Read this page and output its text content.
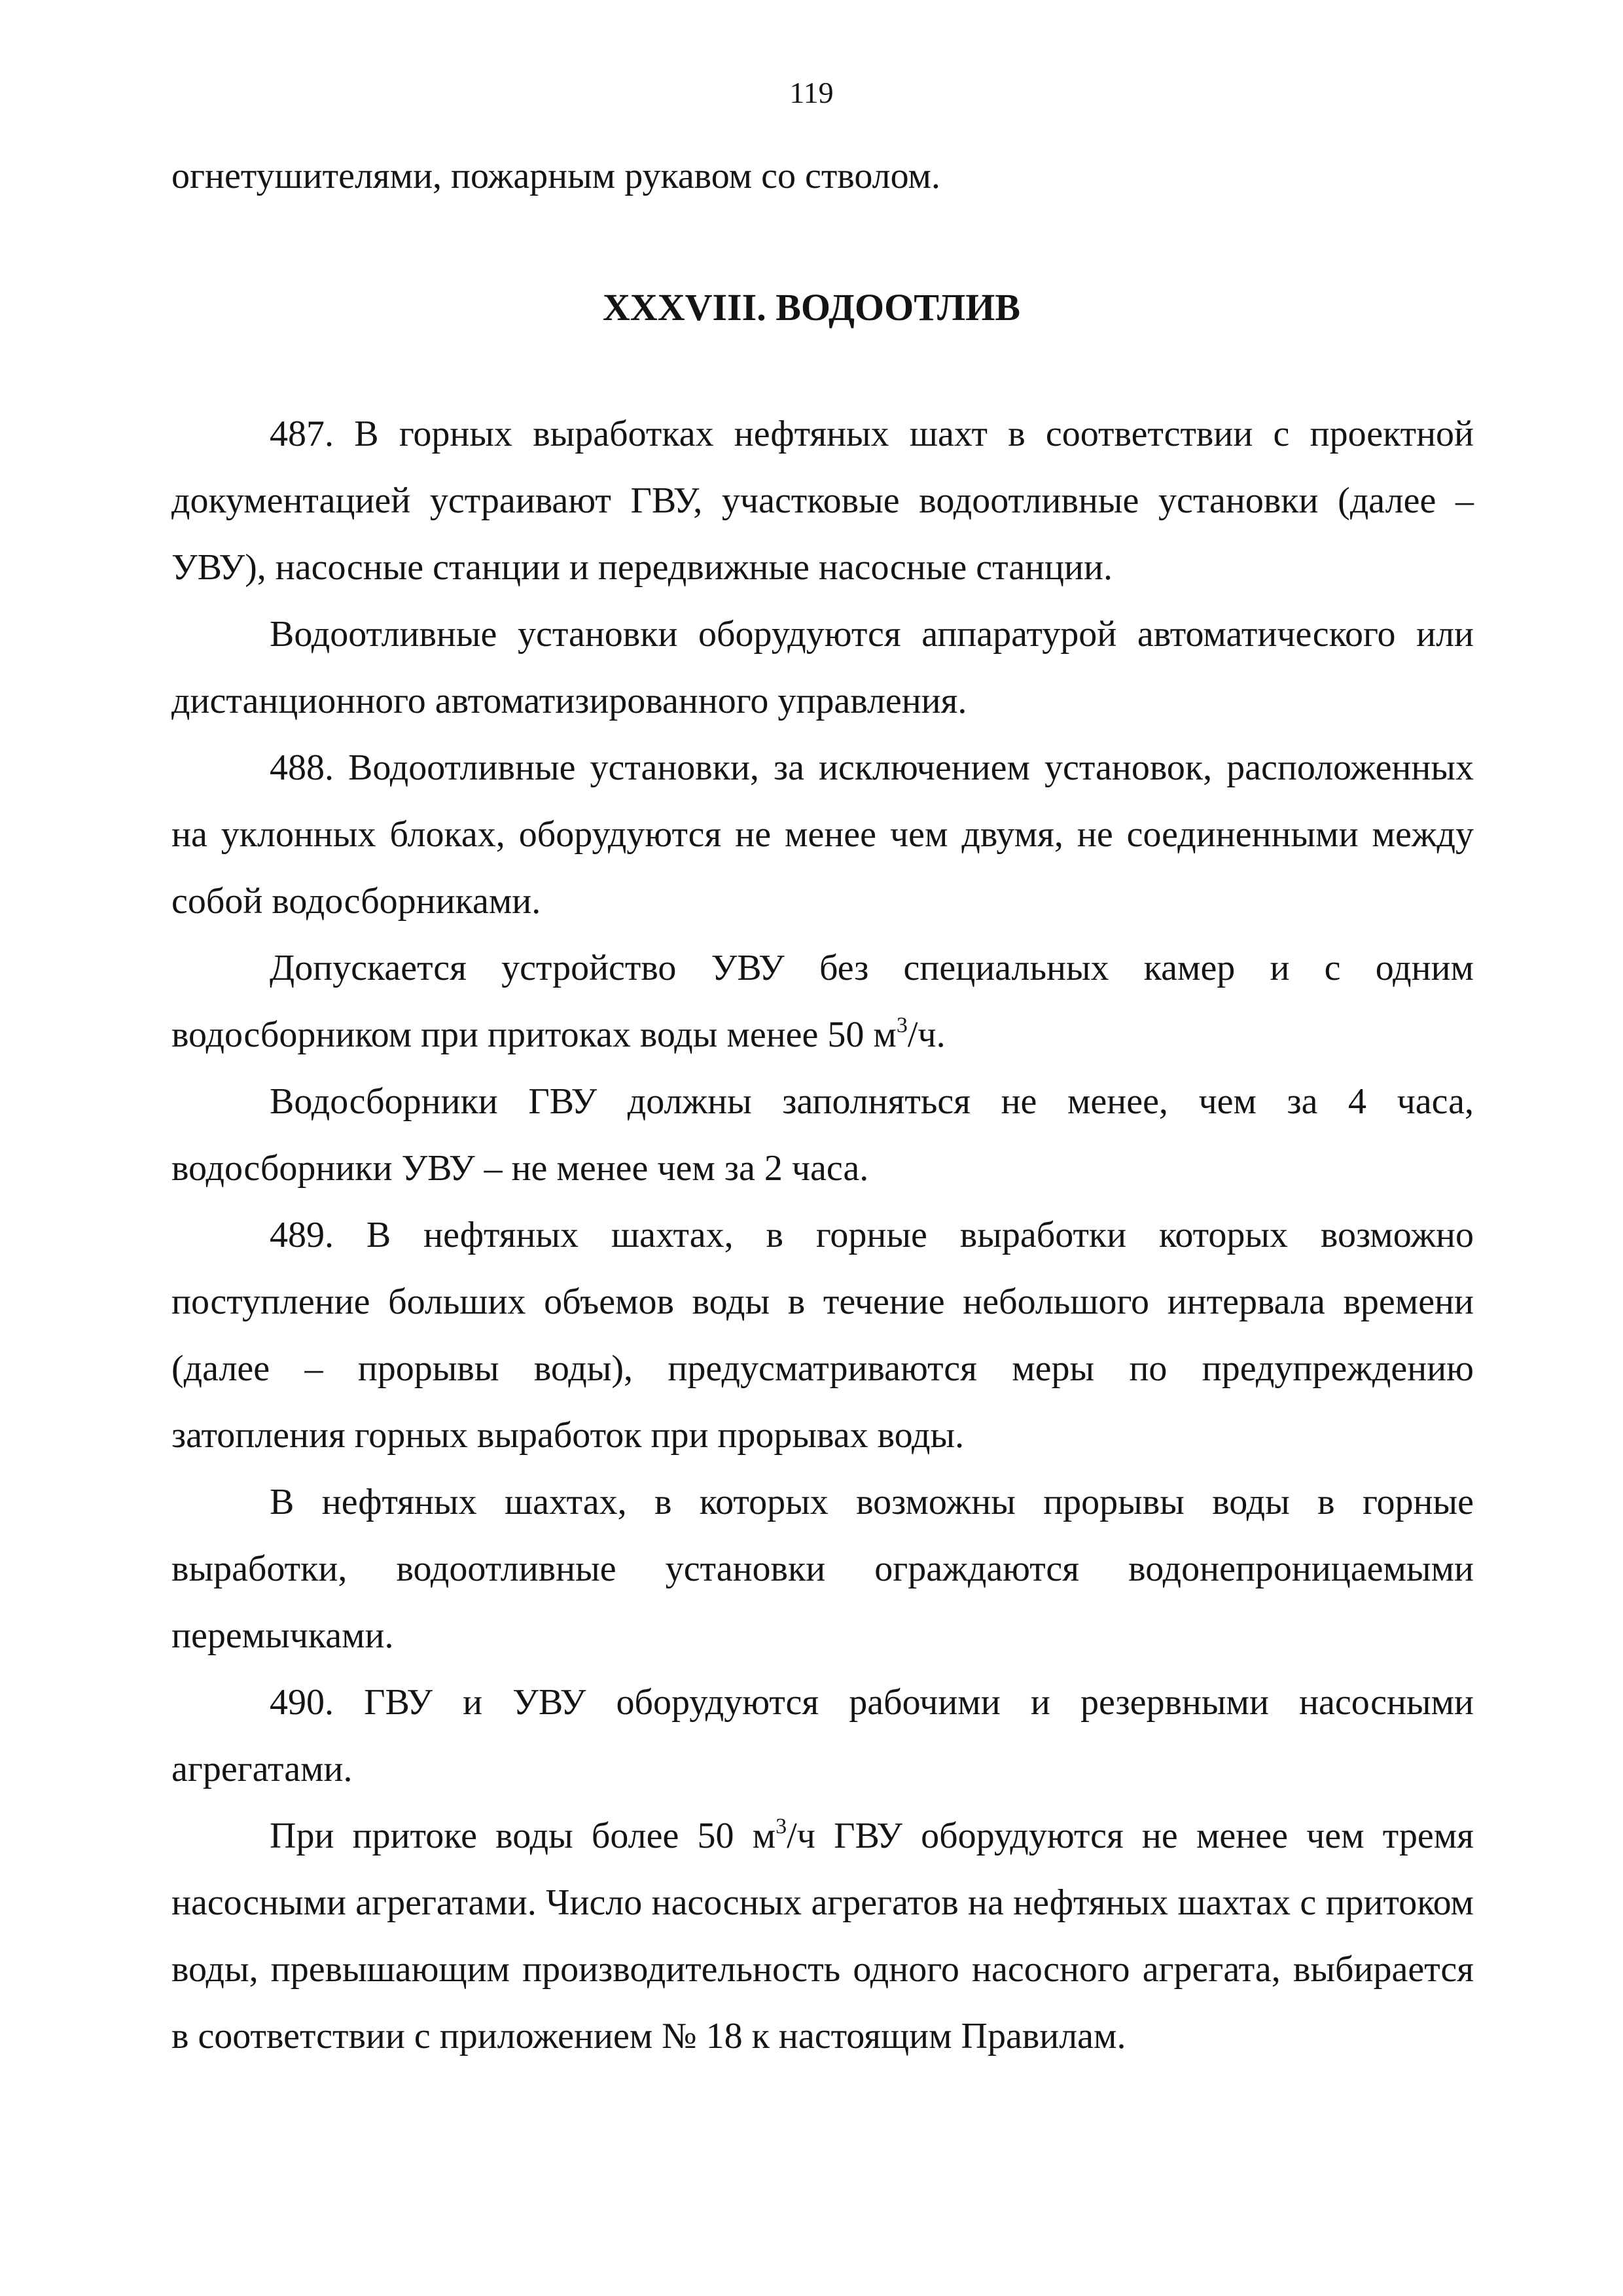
119

огнетушителями, пожарным рукавом со стволом.

XXXVIII. ВОДООТЛИВ

487. В горных выработках нефтяных шахт в соответствии с проектной документацией устраивают ГВУ, участковые водоотливные установки (далее – УВУ), насосные станции и передвижные насосные станции.

Водоотливные установки оборудуются аппаратурой автоматического или дистанционного автоматизированного управления.

488. Водоотливные установки, за исключением установок, расположенных на уклонных блоках, оборудуются не менее чем двумя, не соединенными между собой водосборниками.

Допускается устройство УВУ без специальных камер и с одним водосборником при притоках воды менее 50 $м^3/ч$.

Водосборники ГВУ должны заполняться не менее, чем за 4 часа, водосборники УВУ – не менее чем за 2 часа.

489. В нефтяных шахтах, в горные выработки которых возможно поступление больших объемов воды в течение небольшого интервала времени (далее – прорывы воды), предусматриваются меры по предупреждению затопления горных выработок при прорывах воды.

В нефтяных шахтах, в которых возможны прорывы воды в горные выработки, водоотливные установки ограждаются водонепроницаемыми перемычками.

490. ГВУ и УВУ оборудуются рабочими и резервными насосными агрегатами.

При притоке воды более 50 $м^3/ч$ ГВУ оборудуются не менее чем тремя насосными агрегатами. Число насосных агрегатов на нефтяных шахтах с притоком воды, превышающим производительность одного насосного агрегата, выбирается в соответствии с приложением № 18 к настоящим Правилам.
